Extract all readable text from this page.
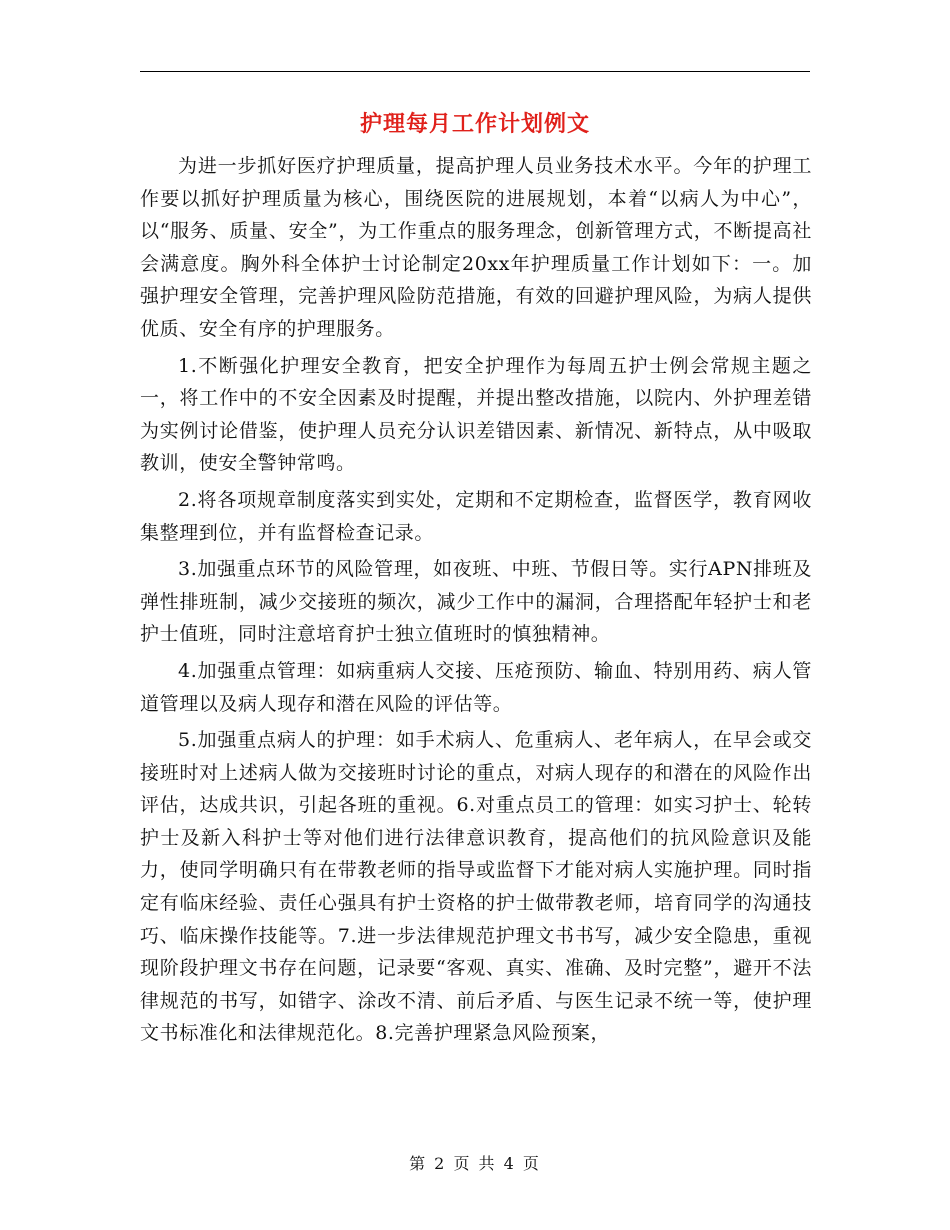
护理每月工作计划例文

为进一步抓好医疗护理质量，提高护理人员业务技术水平。今年的护理工作要以抓好护理质量为核心，围绕医院的进展规划，本着“以病人为中心”，以“服务、质量、安全”，为工作重点的服务理念，创新管理方式，不断提高社会满意度。胸外科全体护士讨论制定20xx年护理质量工作计划如下：一。加强护理安全管理，完善护理风险防范措施，有效的回避护理风险，为病人提供优质、安全有序的护理服务。

1.不断强化护理安全教育，把安全护理作为每周五护士例会常规主题之一，将工作中的不安全因素及时提醒，并提出整改措施，以院内、外护理差错为实例讨论借鉴，使护理人员充分认识差错因素、新情况、新特点，从中吸取教训，使安全警钟常鸣。

2.将各项规章制度落实到实处，定期和不定期检查，监督医学，教育网收集整理到位，并有监督检查记录。

3.加强重点环节的风险管理，如夜班、中班、节假日等。实行APN排班及弹性排班制，减少交接班的频次，减少工作中的漏洞，合理搭配年轻护士和老护士值班，同时注意培育护士独立值班时的慎独精神。

4.加强重点管理：如病重病人交接、压疮预防、输血、特别用药、病人管道管理以及病人现存和潜在风险的评估等。

5.加强重点病人的护理：如手术病人、危重病人、老年病人，在早会或交接班时对上述病人做为交接班时讨论的重点，对病人现存的和潜在的风险作出评估，达成共识，引起各班的重视。6.对重点员工的管理：如实习护士、轮转护士及新入科护士等对他们进行法律意识教育，提高他们的抗风险意识及能力，使同学明确只有在带教老师的指导或监督下才能对病人实施护理。同时指定有临床经验、责任心强具有护士资格的护士做带教老师，培育同学的沟通技巧、临床操作技能等。7.进一步法律规范护理文书书写，减少安全隐患，重视现阶段护理文书存在问题，记录要“客观、真实、准确、及时完整”，避开不法律规范的书写，如错字、涂改不清、前后矛盾、与医生记录不统一等，使护理文书标准化和法律规范化。8.完善护理紧急风险预案，

第 2 页 共 4 页
